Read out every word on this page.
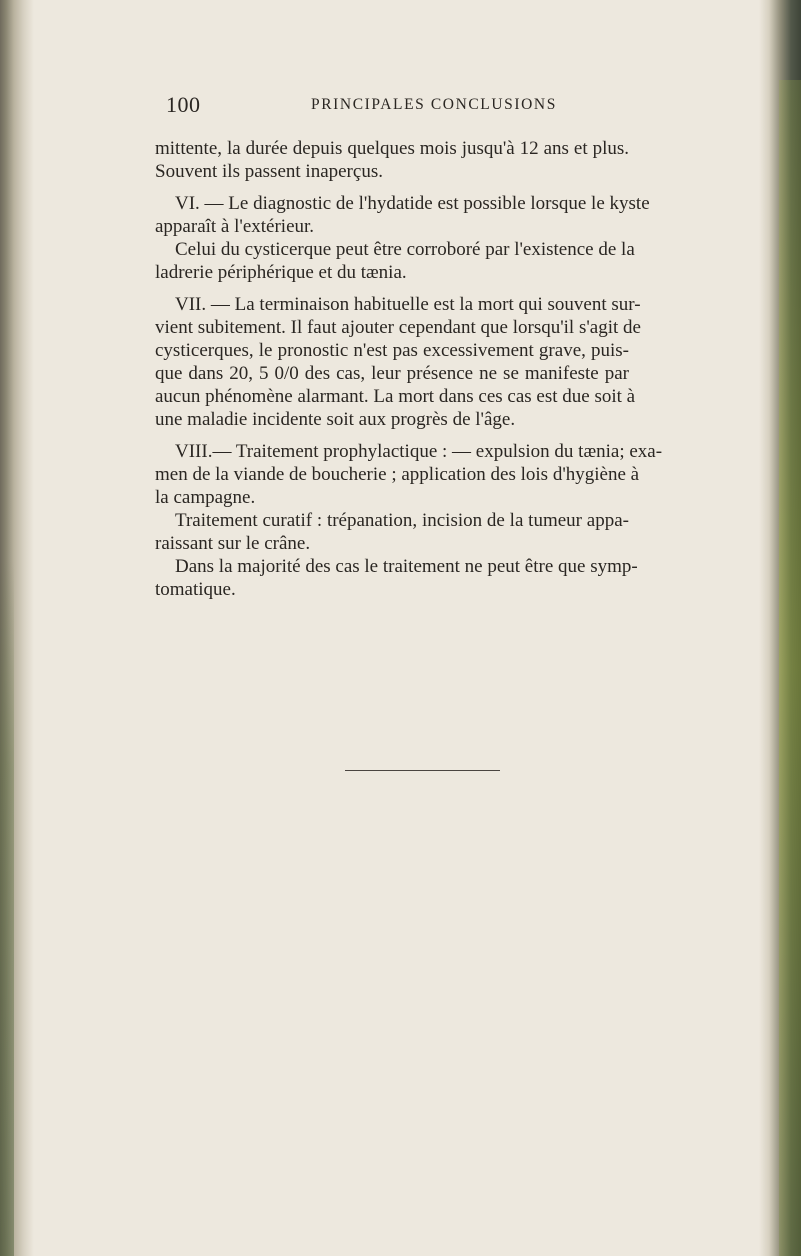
100	PRINCIPALES CONCLUSIONS
mittente, la durée depuis quelques mois jusqu'à 12 ans et plus.
Souvent ils passent inaperçus.
VI. — Le diagnostic de l'hydatide est possible lorsque le kyste
apparaît à l'extérieur.
Celui du cysticerque peut être corroboré par l'existence de la
ladrerie périphérique et du tænia.
VII. — La terminaison habituelle est la mort qui souvent sur-
vient subitement. Il faut ajouter cependant que lorsqu'il s'agit de
cysticerques, le pronostic n'est pas excessivement grave, puis-
que dans 20, 5 0/0 des cas, leur présence ne se manifeste par
aucun phénomène alarmant. La mort dans ces cas est due soit à
une maladie incidente soit aux progrès de l'âge.
VIII.— Traitement prophylactique : — expulsion du tænia; exa-
men de la viande de boucherie ; application des lois d'hygiène à
la campagne.
Traitement curatif : trépanation, incision de la tumeur appa-
raissant sur le crâne.
Dans la majorité des cas le traitement ne peut être que symp-
tomatique.
